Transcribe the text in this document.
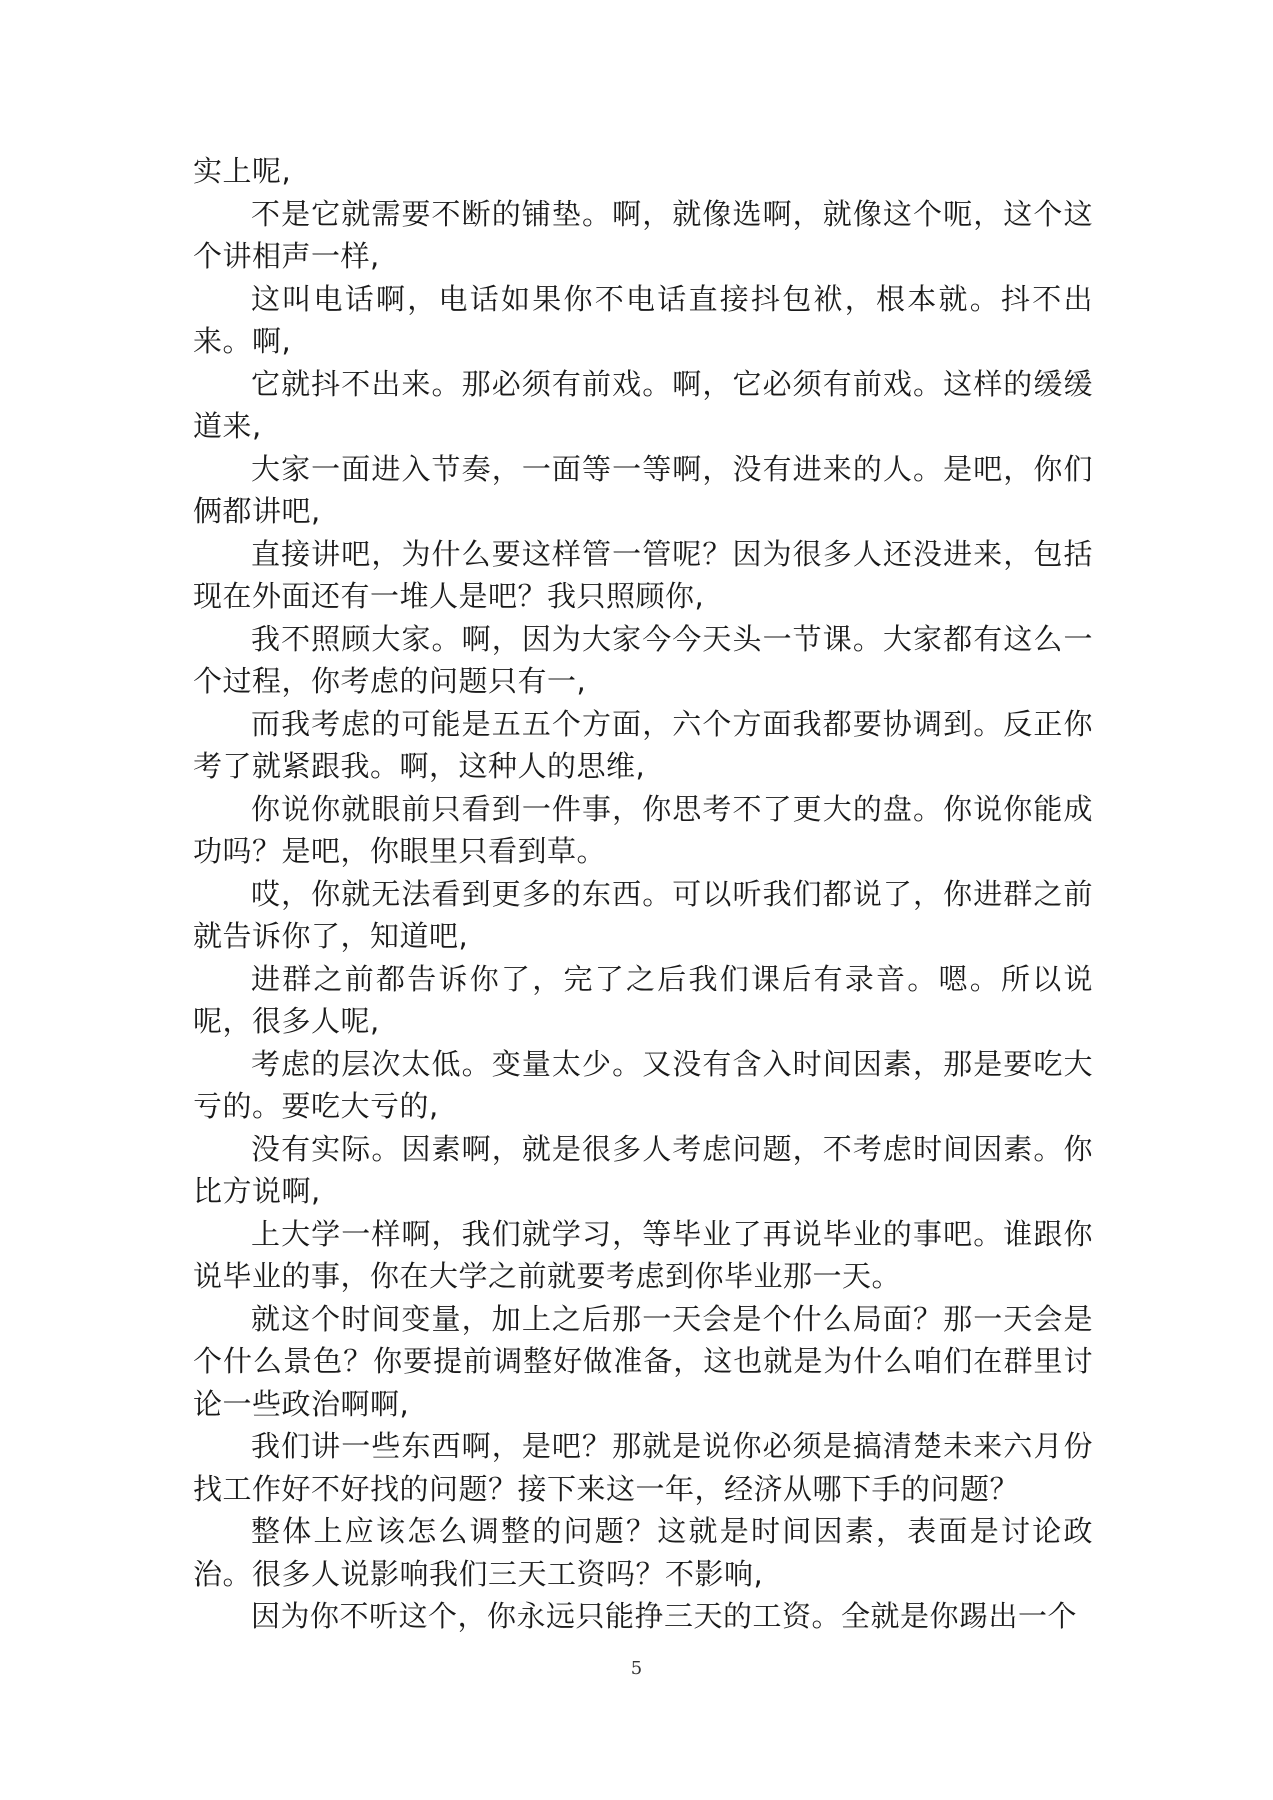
实上呢,

不是它就需要不断的铺垫。啊，就像选啊，就像这个呃，这个这个讲相声一样,

这叫电话啊，电话如果你不电话直接抖包袱，根本就。抖不出来。啊,

它就抖不出来。那必须有前戏。啊，它必须有前戏。这样的缓缓道来,

大家一面进入节奏，一面等一等啊，没有进来的人。是吧，你们俩都讲吧,

直接讲吧，为什么要这样管一管呢？因为很多人还没进来，包括现在外面还有一堆人是吧？我只照顾你,

我不照顾大家。啊，因为大家今今天头一节课。大家都有这么一个过程，你考虑的问题只有一,

而我考虑的可能是五五个方面，六个方面我都要协调到。反正你考了就紧跟我。啊，这种人的思维,

你说你就眼前只看到一件事，你思考不了更大的盘。你说你能成功吗？是吧，你眼里只看到草。

哎，你就无法看到更多的东西。可以听我们都说了，你进群之前就告诉你了，知道吧,

进群之前都告诉你了，完了之后我们课后有录音。嗯。所以说呢，很多人呢,

考虑的层次太低。变量太少。又没有含入时间因素，那是要吃大亏的。要吃大亏的,

没有实际。因素啊，就是很多人考虑问题，不考虑时间因素。你比方说啊,

上大学一样啊，我们就学习，等毕业了再说毕业的事吧。谁跟你说毕业的事，你在大学之前就要考虑到你毕业那一天。

就这个时间变量，加上之后那一天会是个什么局面？那一天会是个什么景色？你要提前调整好做准备，这也就是为什么咱们在群里讨论一些政治啊啊,

我们讲一些东西啊，是吧？那就是说你必须是搞清楚未来六月份找工作好不好找的问题？接下来这一年，经济从哪下手的问题？

整体上应该怎么调整的问题？这就是时间因素，表面是讨论政治。很多人说影响我们三天工资吗？不影响,

因为你不听这个，你永远只能挣三天的工资。全就是你踢出一个

5
